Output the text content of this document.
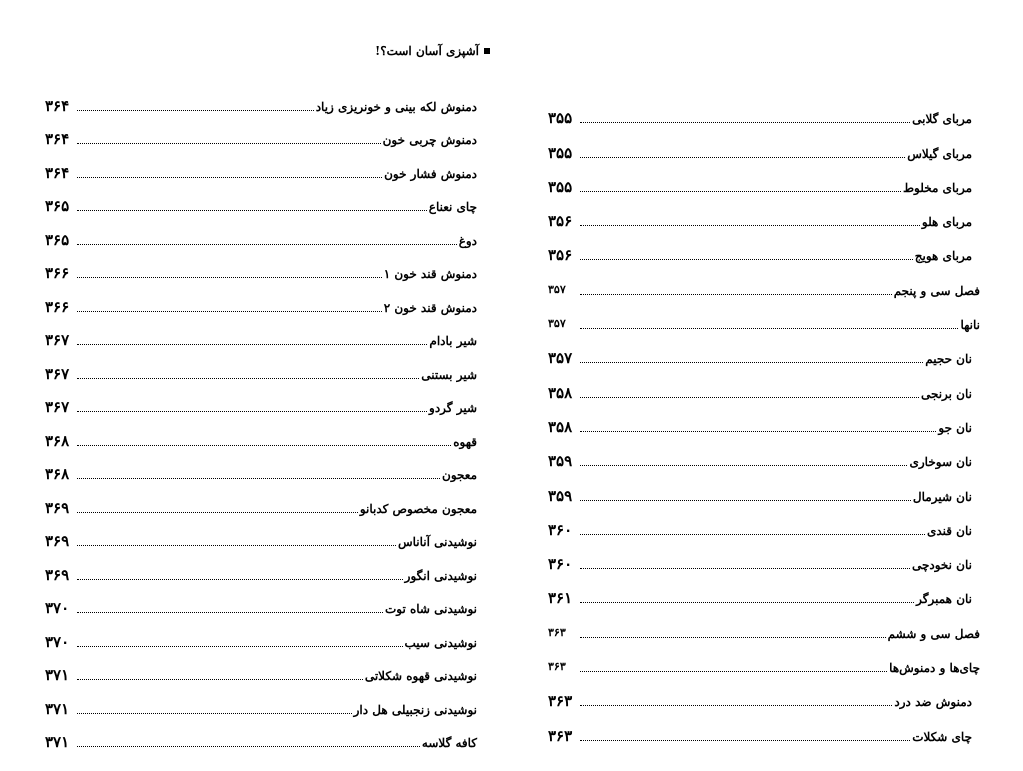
آشپزی آسان است؟!
دمنوش لکه بینی و خونریزی زیاد
۳۶۴
دمنوش چربی خون
۳۶۴
دمنوش فشار خون
۳۶۴
چای نعناع
۳۶۵
دوغ
۳۶۵
دمنوش قند خون ۱
۳۶۶
دمنوش قند خون ۲
۳۶۶
شیر بادام
۳۶۷
شیر بستنی
۳۶۷
شیر گردو
۳۶۷
قهوه
۳۶۸
معجون
۳۶۸
معجون مخصوص کدبانو
۳۶۹
نوشیدنی آناناس
۳۶۹
نوشیدنی انگور
۳۶۹
نوشیدنی شاه توت
۳۷۰
نوشیدنی سیب
۳۷۰
نوشیدنی قهوه شکلاتی
۳۷۱
نوشیدنی زنجبیلی هل دار
۳۷۱
کافه گلاسه
۳۷۱
مربای گلابی
۳۵۵
مربای گیلاس
۳۵۵
مربای مخلوط
۳۵۵
مربای هلو
۳۵۶
مربای هویج
۳۵۶
فصل سی و پنجم
۳۵۷
نانها
۳۵۷
نان حجیم
۳۵۷
نان برنجی
۳۵۸
نان جو
۳۵۸
نان سوخاری
۳۵۹
نان شیرمال
۳۵۹
نان قندی
۳۶۰
نان نخودچی
۳۶۰
نان همبرگر
۳۶۱
فصل سی و ششم
۳۶۳
چای‌ها و دمنوش‌ها
۳۶۳
دمنوش ضد درد
۳۶۳
چای شکلات
۳۶۳
